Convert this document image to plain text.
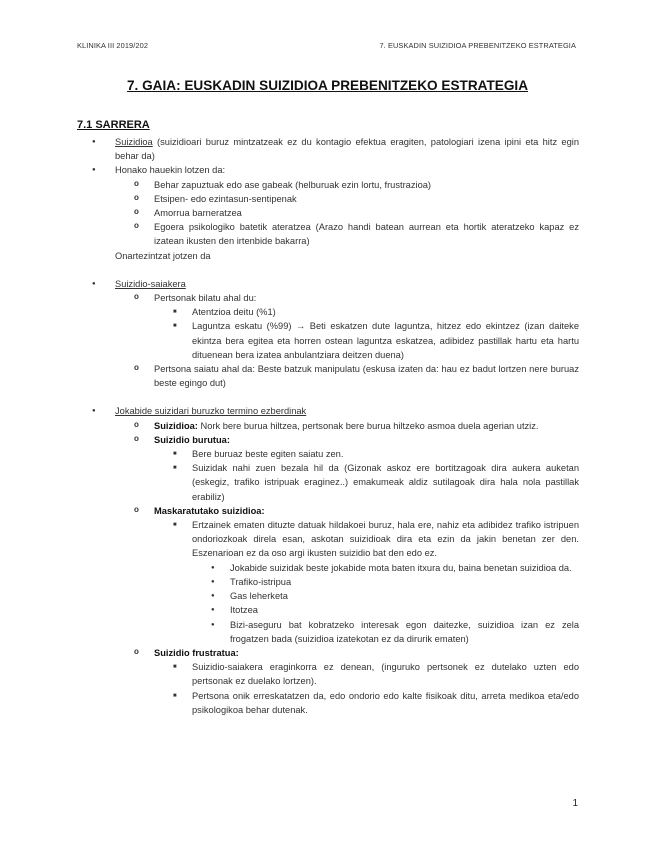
KLINIKA III 2019/202	7. EUSKADIN SUIZIDIOA PREBENITZEKO ESTRATEGIA
7. GAIA: EUSKADIN SUIZIDIOA PREBENITZEKO ESTRATEGIA
7.1 SARRERA
● Suizidioa (suizidioari buruz mintzatzeak ez du kontagio efektua eragiten, patologiari izena ipini eta hitz egin behar da)
● Honako hauekin lotzen da:
o Behar zapuztuak edo ase gabeak (helburuak ezin lortu, frustrazioa)
o Etsipen- edo ezintasun-sentipenak
o Amorrua barneratzea
o Egoera psikologiko batetik ateratzea (Arazo handi batean aurrean eta hortik ateratzeko kapaz ez izatean ikusten den irtenbide bakarra)
Onartezintzat jotzen da
● Suizidio-saiakera
o Pertsonak bilatu ahal du:
■ Atentzioa deitu (%1)
■ Laguntza eskatu (%99) → Beti eskatzen dute laguntza, hitzez edo ekintzez (izan daiteke ekintza bera egitea eta horren ostean laguntza eskatzea, adibidez pastillak hartu eta hartu dituenean bera izatea anbulantziara deitzen duena)
o Pertsona saiatu ahal da: Beste batzuk manipulatu (eskusa izaten da: hau ez badut lortzen nere buruaz beste egingo dut)
● Jokabide suizidari buruzko termino ezberdinak
o Suizidioa: Nork bere burua hiltzea, pertsonak bere burua hiltzeko asmoa duela agerian utziz.
o Suizidio burutua:
■ Bere buruaz beste egiten saiatu zen.
■ Suizidak nahi zuen bezala hil da (Gizonak askoz ere bortitzagoak dira aukera auketan (eskegiz, trafiko istripuak eraginez..) emakumeak aldiz sutilagoak dira hala nola pastillak erabiliz)
o Maskaratutako suizidioa:
■ Ertzainek ematen dituzte datuak hildakoei buruz, hala ere, nahiz eta adibidez trafiko istripuen ondoriozkoak direla esan, askotan suizidioak dira eta ezin da jakin benetan zer den. Eszenarioan ez da oso argi ikusten suizidio bat den edo ez.
● Jokabide suizidak beste jokabide mota baten itxura du, baina benetan suizidioa da.
● Trafiko-istripua
● Gas leherketa
● Itotzea
● Bizi-aseguru bat kobratzeko interesak egon daitezke, suizidioa izan ez zela frogatzen bada (suizidioa izatekotan ez da dirurik ematen)
o Suizidio frustratua:
■ Suizidio-saiakera eraginkorra ez denean, (inguruko pertsonek ez dutelako uzten edo pertsonak ez duelako lortzen).
■ Pertsona onik erreskatatzen da, edo ondorio edo kalte fisikoak ditu, arreta medikoa eta/edo psikologikoa behar dutenak.
1
